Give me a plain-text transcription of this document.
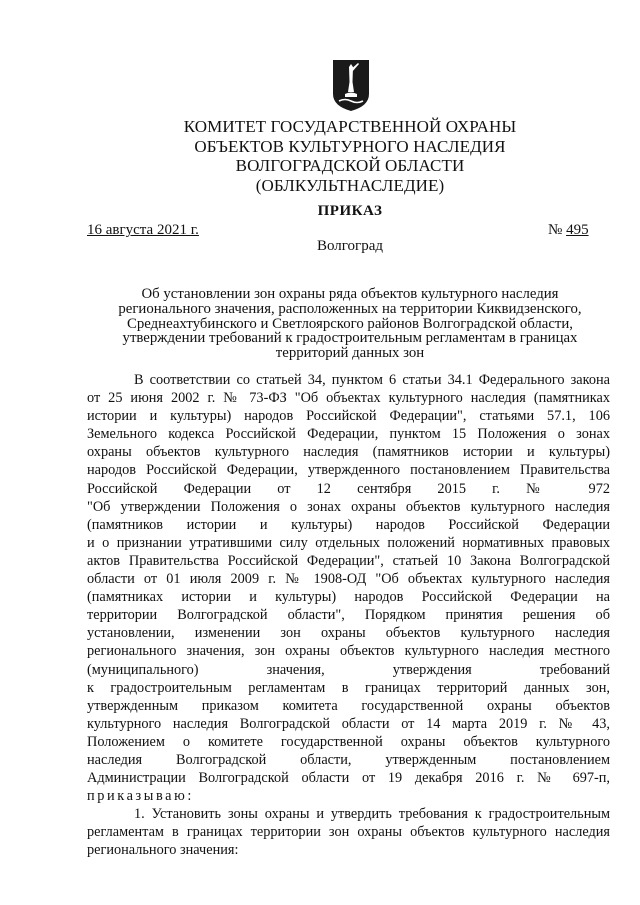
КОМИТЕТ ГОСУДАРСТВЕННОЙ ОХРАНЫ
ОБЪЕКТОВ КУЛЬТУРНОГО НАСЛЕДИЯ
ВОЛГОГРАДСКОЙ ОБЛАСТИ
(ОБЛКУЛЬТНАСЛЕДИЕ)
ПРИКАЗ
16 августа 2021 г.	№ 495
Волгоград
Об установлении зон охраны ряда объектов культурного наследия
регионального значения, расположенных на территории Киквидзенского,
Среднеахтубинского и Светлоярского районов Волгоградской области,
утверждении требований к градостроительным регламентам в границах
территорий данных зон
В соответствии со статьей 34, пунктом 6 статьи 34.1 Федерального закона
от 25 июня 2002 г. № 73-ФЗ "Об объектах культурного наследия (памятниках
истории и культуры) народов Российской Федерации", статьями 57.1, 106
Земельного кодекса Российской Федерации, пунктом 15 Положения о зонах
охраны объектов культурного наследия (памятников истории и культуры)
народов Российской Федерации, утвержденного постановлением Правительства
Российской Федерации от 12 сентября 2015 г. № 972
"Об утверждении Положения о зонах охраны объектов культурного наследия
(памятников истории и культуры) народов Российской Федерации
и о признании утратившими силу отдельных положений нормативных правовых
актов Правительства Российской Федерации", статьей 10 Закона Волгоградской
области от 01 июля 2009 г. № 1908-ОД "Об объектах культурного наследия
(памятниках истории и культуры) народов Российской Федерации на
территории Волгоградской области", Порядком принятия решения об
установлении, изменении зон охраны объектов культурного наследия
регионального значения, зон охраны объектов культурного наследия местного
(муниципального) значения, утверждения требований
к градостроительным регламентам в границах территорий данных зон,
утвержденным приказом комитета государственной охраны объектов
культурного наследия Волгоградской области от 14 марта 2019 г. № 43,
Положением о комитете государственной охраны объектов культурного
наследия Волгоградской области, утвержденным постановлением
Администрации Волгоградской области от 19 декабря 2016 г. № 697-п,
приказываю:
1. Установить зоны охраны и утвердить требования к градостроительным
регламентам в границах территории зон охраны объектов культурного наследия
регионального значения:
